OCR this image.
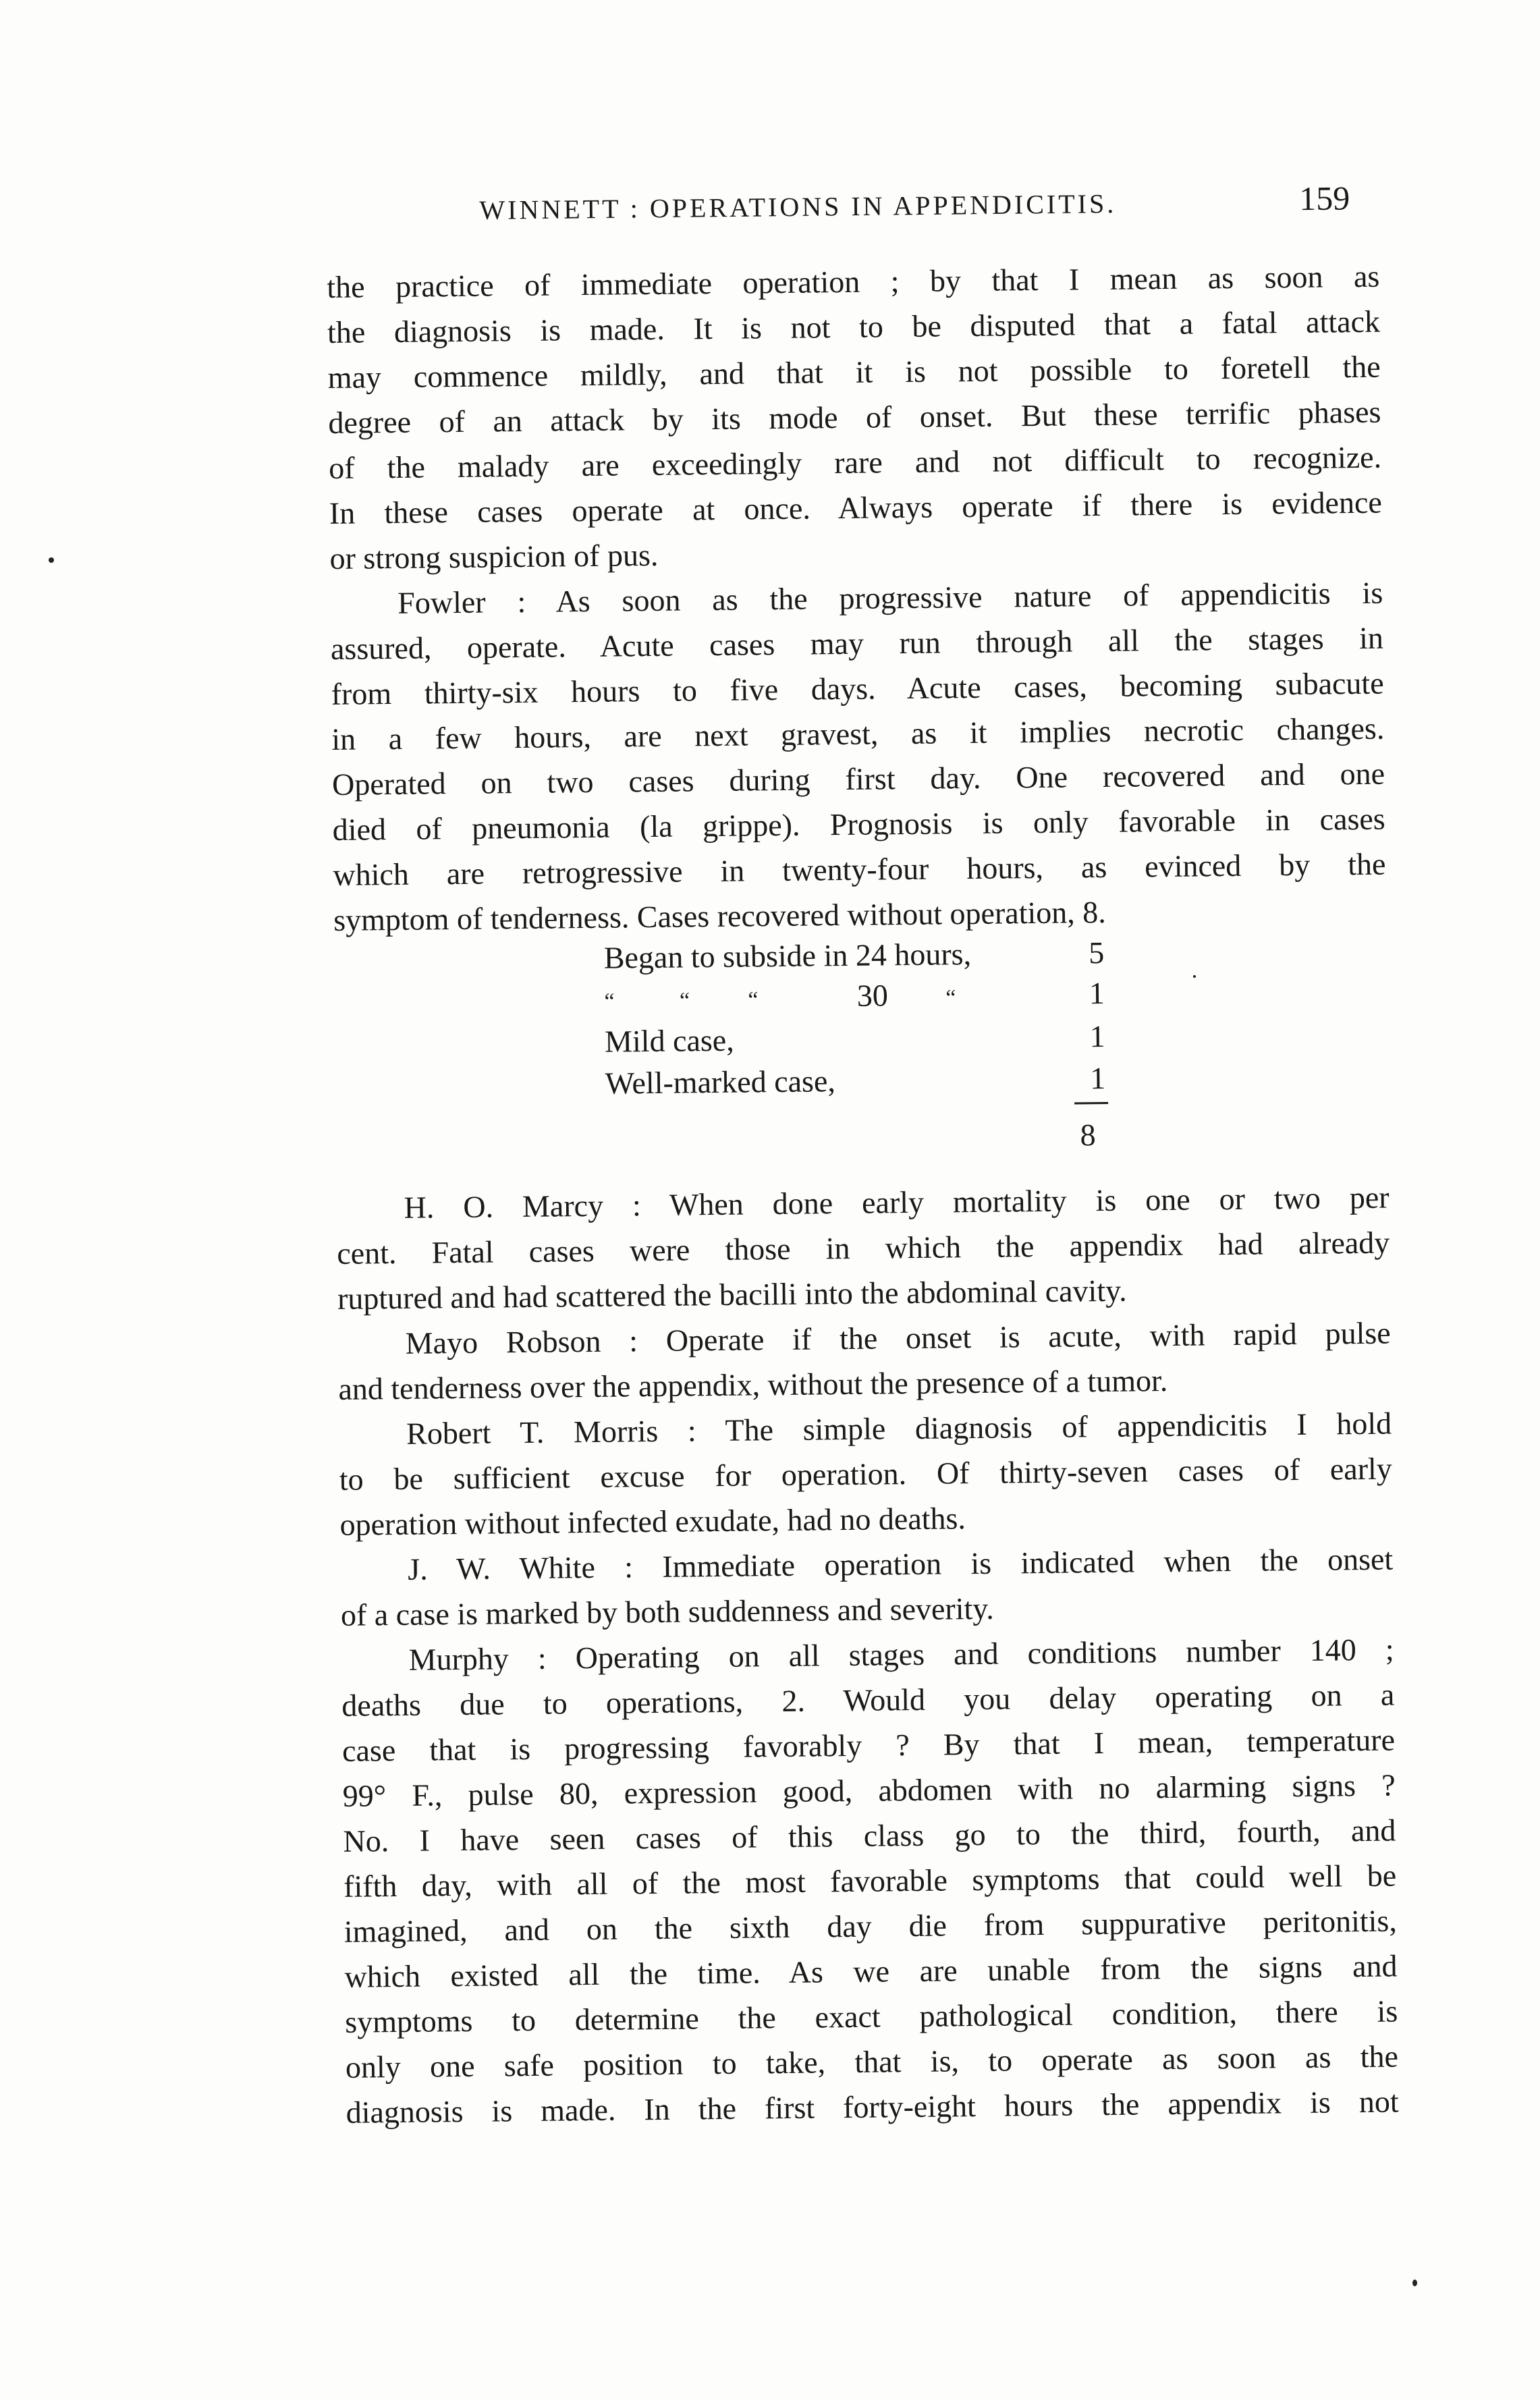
WINNETT : OPERATIONS IN APPENDICITIS.	159
the practice of immediate operation ; by that I mean as soon as
the diagnosis is made. It is not to be disputed that a fatal attack
may commence mildly, and that it is not possible to foretell the
degree of an attack by its mode of onset. But these terrific phases
of the malady are exceedingly rare and not difficult to recognize.
In these cases operate at once. Always operate if there is evidence
or strong suspicion of pus.
Fowler : As soon as the progressive nature of appendicitis is
assured, operate. Acute cases may run through all the stages in
from thirty-six hours to five days. Acute cases, becoming subacute
in a few hours, are next gravest, as it implies necrotic changes.
Operated on two cases during first day. One recovered and one
died of pneumonia (la grippe). Prognosis is only favorable in cases
which are retrogressive in twenty-four hours, as evinced by the
symptom of tenderness. Cases recovered without operation, 8.
Began to subside in 24 hours,	5
“	“	“	30	“	1
Mild case,	1
Well-marked case,	1
8
H. O. Marcy : When done early mortality is one or two per
cent. Fatal cases were those in which the appendix had already
ruptured and had scattered the bacilli into the abdominal cavity.
Mayo Robson : Operate if the onset is acute, with rapid pulse
and tenderness over the appendix, without the presence of a tumor.
Robert T. Morris : The simple diagnosis of appendicitis I hold
to be sufficient excuse for operation. Of thirty-seven cases of early
operation without infected exudate, had no deaths.
J. W. White : Immediate operation is indicated when the onset
of a case is marked by both suddenness and severity.
Murphy : Operating on all stages and conditions number 140 ;
deaths due to operations, 2. Would you delay operating on a
case that is progressing favorably ? By that I mean, temperature
99° F., pulse 80, expression good, abdomen with no alarming signs ?
No. I have seen cases of this class go to the third, fourth, and
fifth day, with all of the most favorable symptoms that could well be
imagined, and on the sixth day die from suppurative peritonitis,
which existed all the time. As we are unable from the signs and
symptoms to determine the exact pathological condition, there is
only one safe position to take, that is, to operate as soon as the
diagnosis is made. In the first forty-eight hours the appendix is not
